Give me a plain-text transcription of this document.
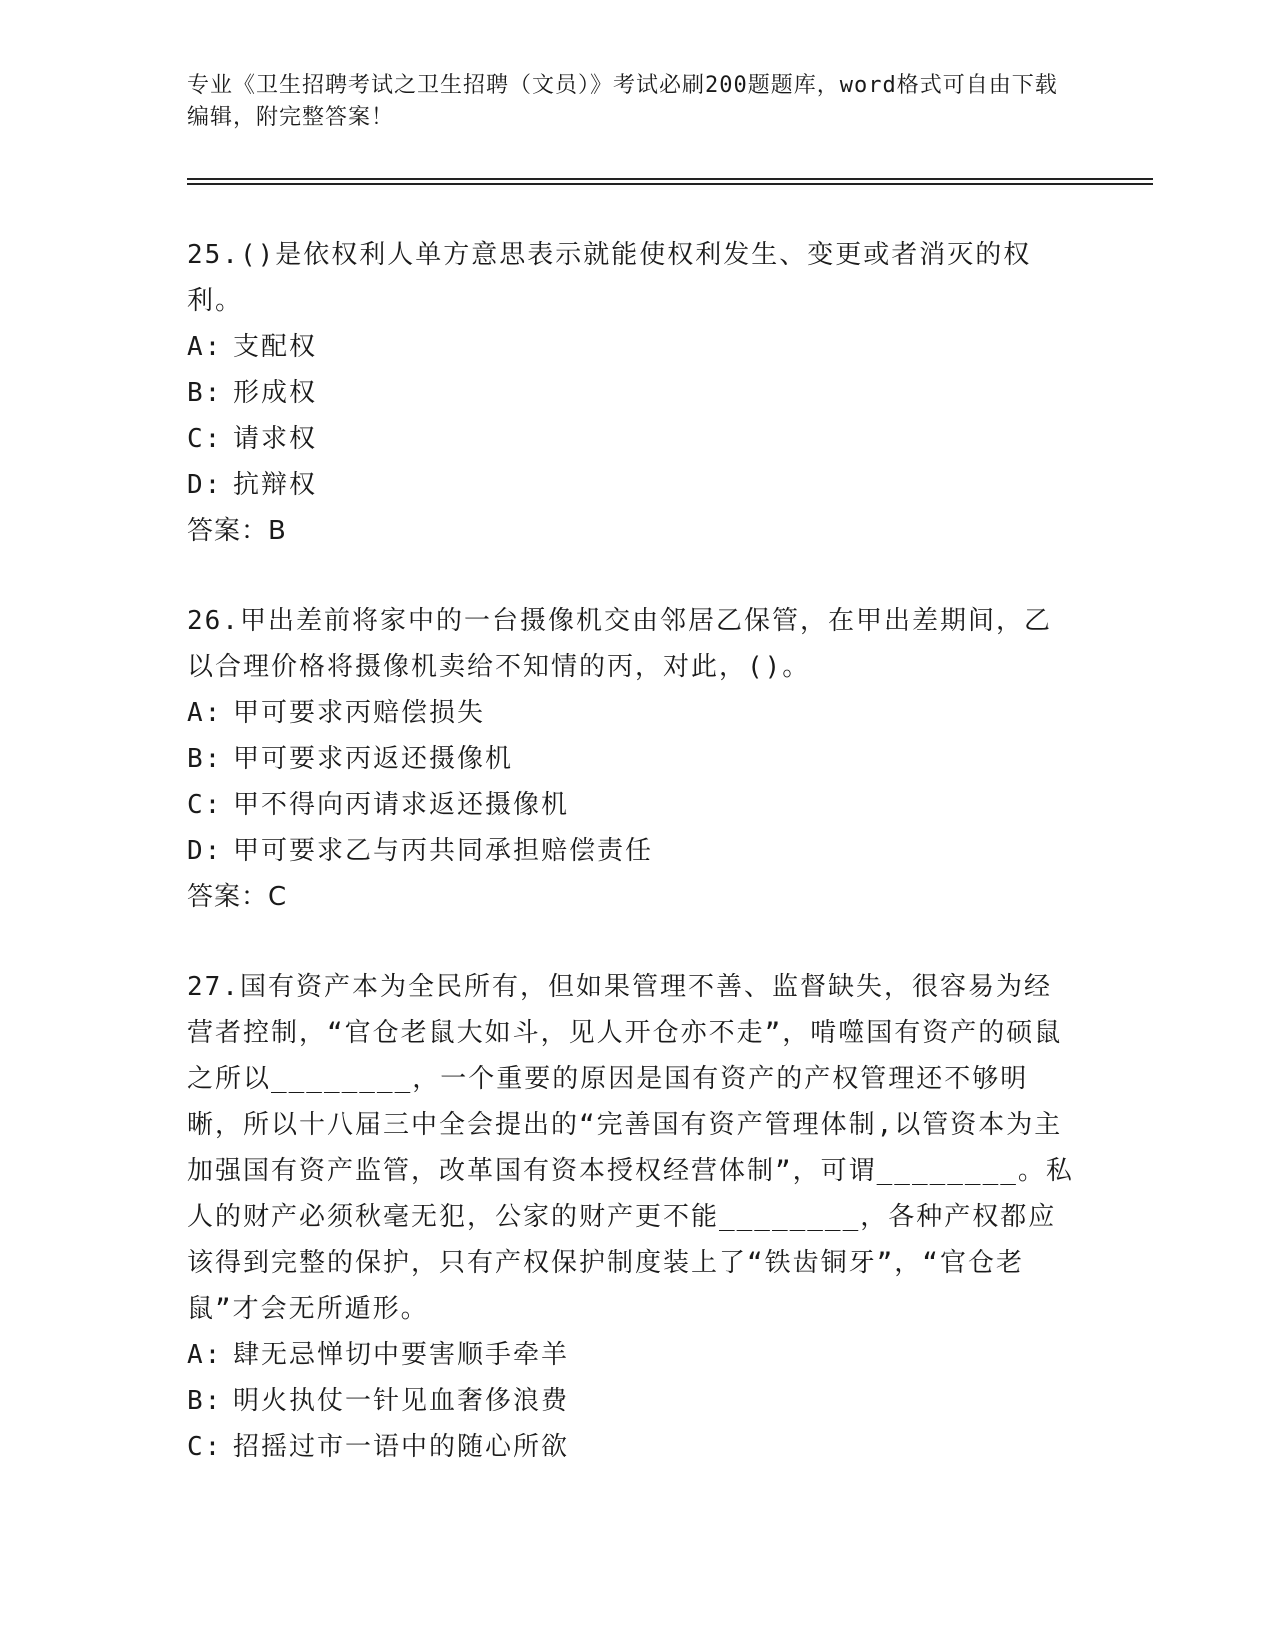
专业《卫生招聘考试之卫生招聘（文员）》考试必刷200题题库，word格式可自由下载编辑，附完整答案！

25.()是依权利人单方意思表示就能使权利发生、变更或者消灭的权利。

A: 支配权

B: 形成权

C: 请求权

D: 抗辩权

答案：B

26.甲出差前将家中的一台摄像机交由邻居乙保管，在甲出差期间，乙以合理价格将摄像机卖给不知情的丙，对此，()。

A: 甲可要求丙赔偿损失

B: 甲可要求丙返还摄像机

C: 甲不得向丙请求返还摄像机

D: 甲可要求乙与丙共同承担赔偿责任

答案：C

27.国有资产本为全民所有，但如果管理不善、监督缺失，很容易为经营者控制，“官仓老鼠大如斗，见人开仓亦不走”，啃噬国有资产的硕鼠之所以________，一个重要的原因是国有资产的产权管理还不够明晰，所以十八届三中全会提出的“完善国有资产管理体制,以管资本为主加强国有资产监管，改革国有资本授权经营体制”，可谓________。私人的财产必须秋毫无犯，公家的财产更不能________，各种产权都应该得到完整的保护，只有产权保护制度装上了“铁齿铜牙”，“官仓老鼠”才会无所遁形。

A: 肆无忌惮切中要害顺手牵羊

B: 明火执仗一针见血奢侈浪费

C: 招摇过市一语中的随心所欲
